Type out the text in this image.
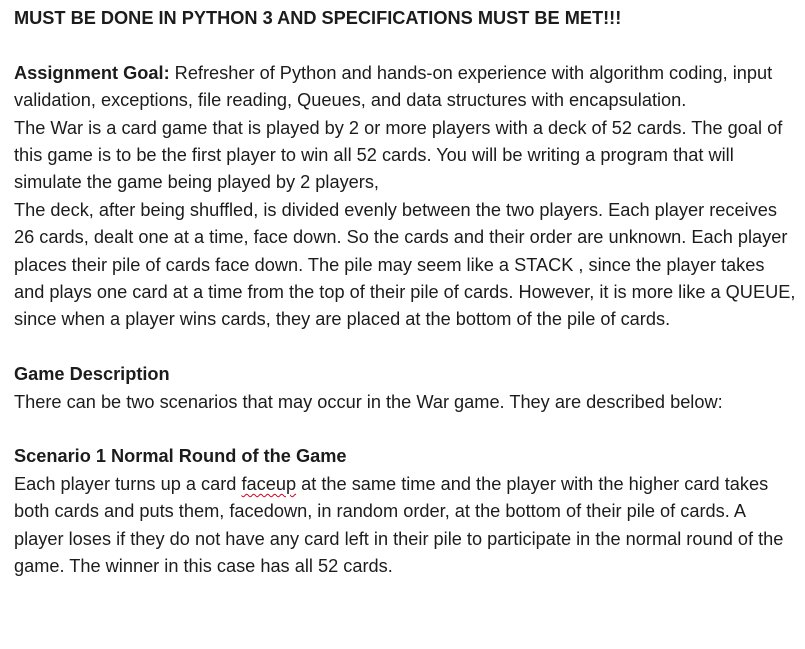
MUST BE DONE IN PYTHON 3 AND SPECIFICATIONS MUST BE MET!!!

Assignment Goal: Refresher of Python and hands-on experience with algorithm coding, input validation, exceptions, file reading, Queues, and data structures with encapsulation.

The War is a card game that is played by 2 or more players with a deck of 52 cards. The goal of this game is to be the first player to win all 52 cards. You will be writing a program that will simulate the game being played by 2 players,

The deck, after being shuffled, is divided evenly between the two players. Each player receives 26 cards, dealt one at a time, face down. So the cards and their order are unknown. Each player places their pile of cards face down. The pile may seem like a STACK , since the player takes and plays one card at a time from the top of their pile of cards. However, it is more like a QUEUE, since when a player wins cards, they are placed at the bottom of the pile of cards.

Game Description

There can be two scenarios that may occur in the War game. They are described below:

Scenario 1 Normal Round of the Game

Each player turns up a card faceup at the same time and the player with the higher card takes both cards and puts them, facedown, in random order, at the bottom of their pile of cards. A player loses if they do not have any card left in their pile to participate in the normal round of the game. The winner in this case has all 52 cards.
